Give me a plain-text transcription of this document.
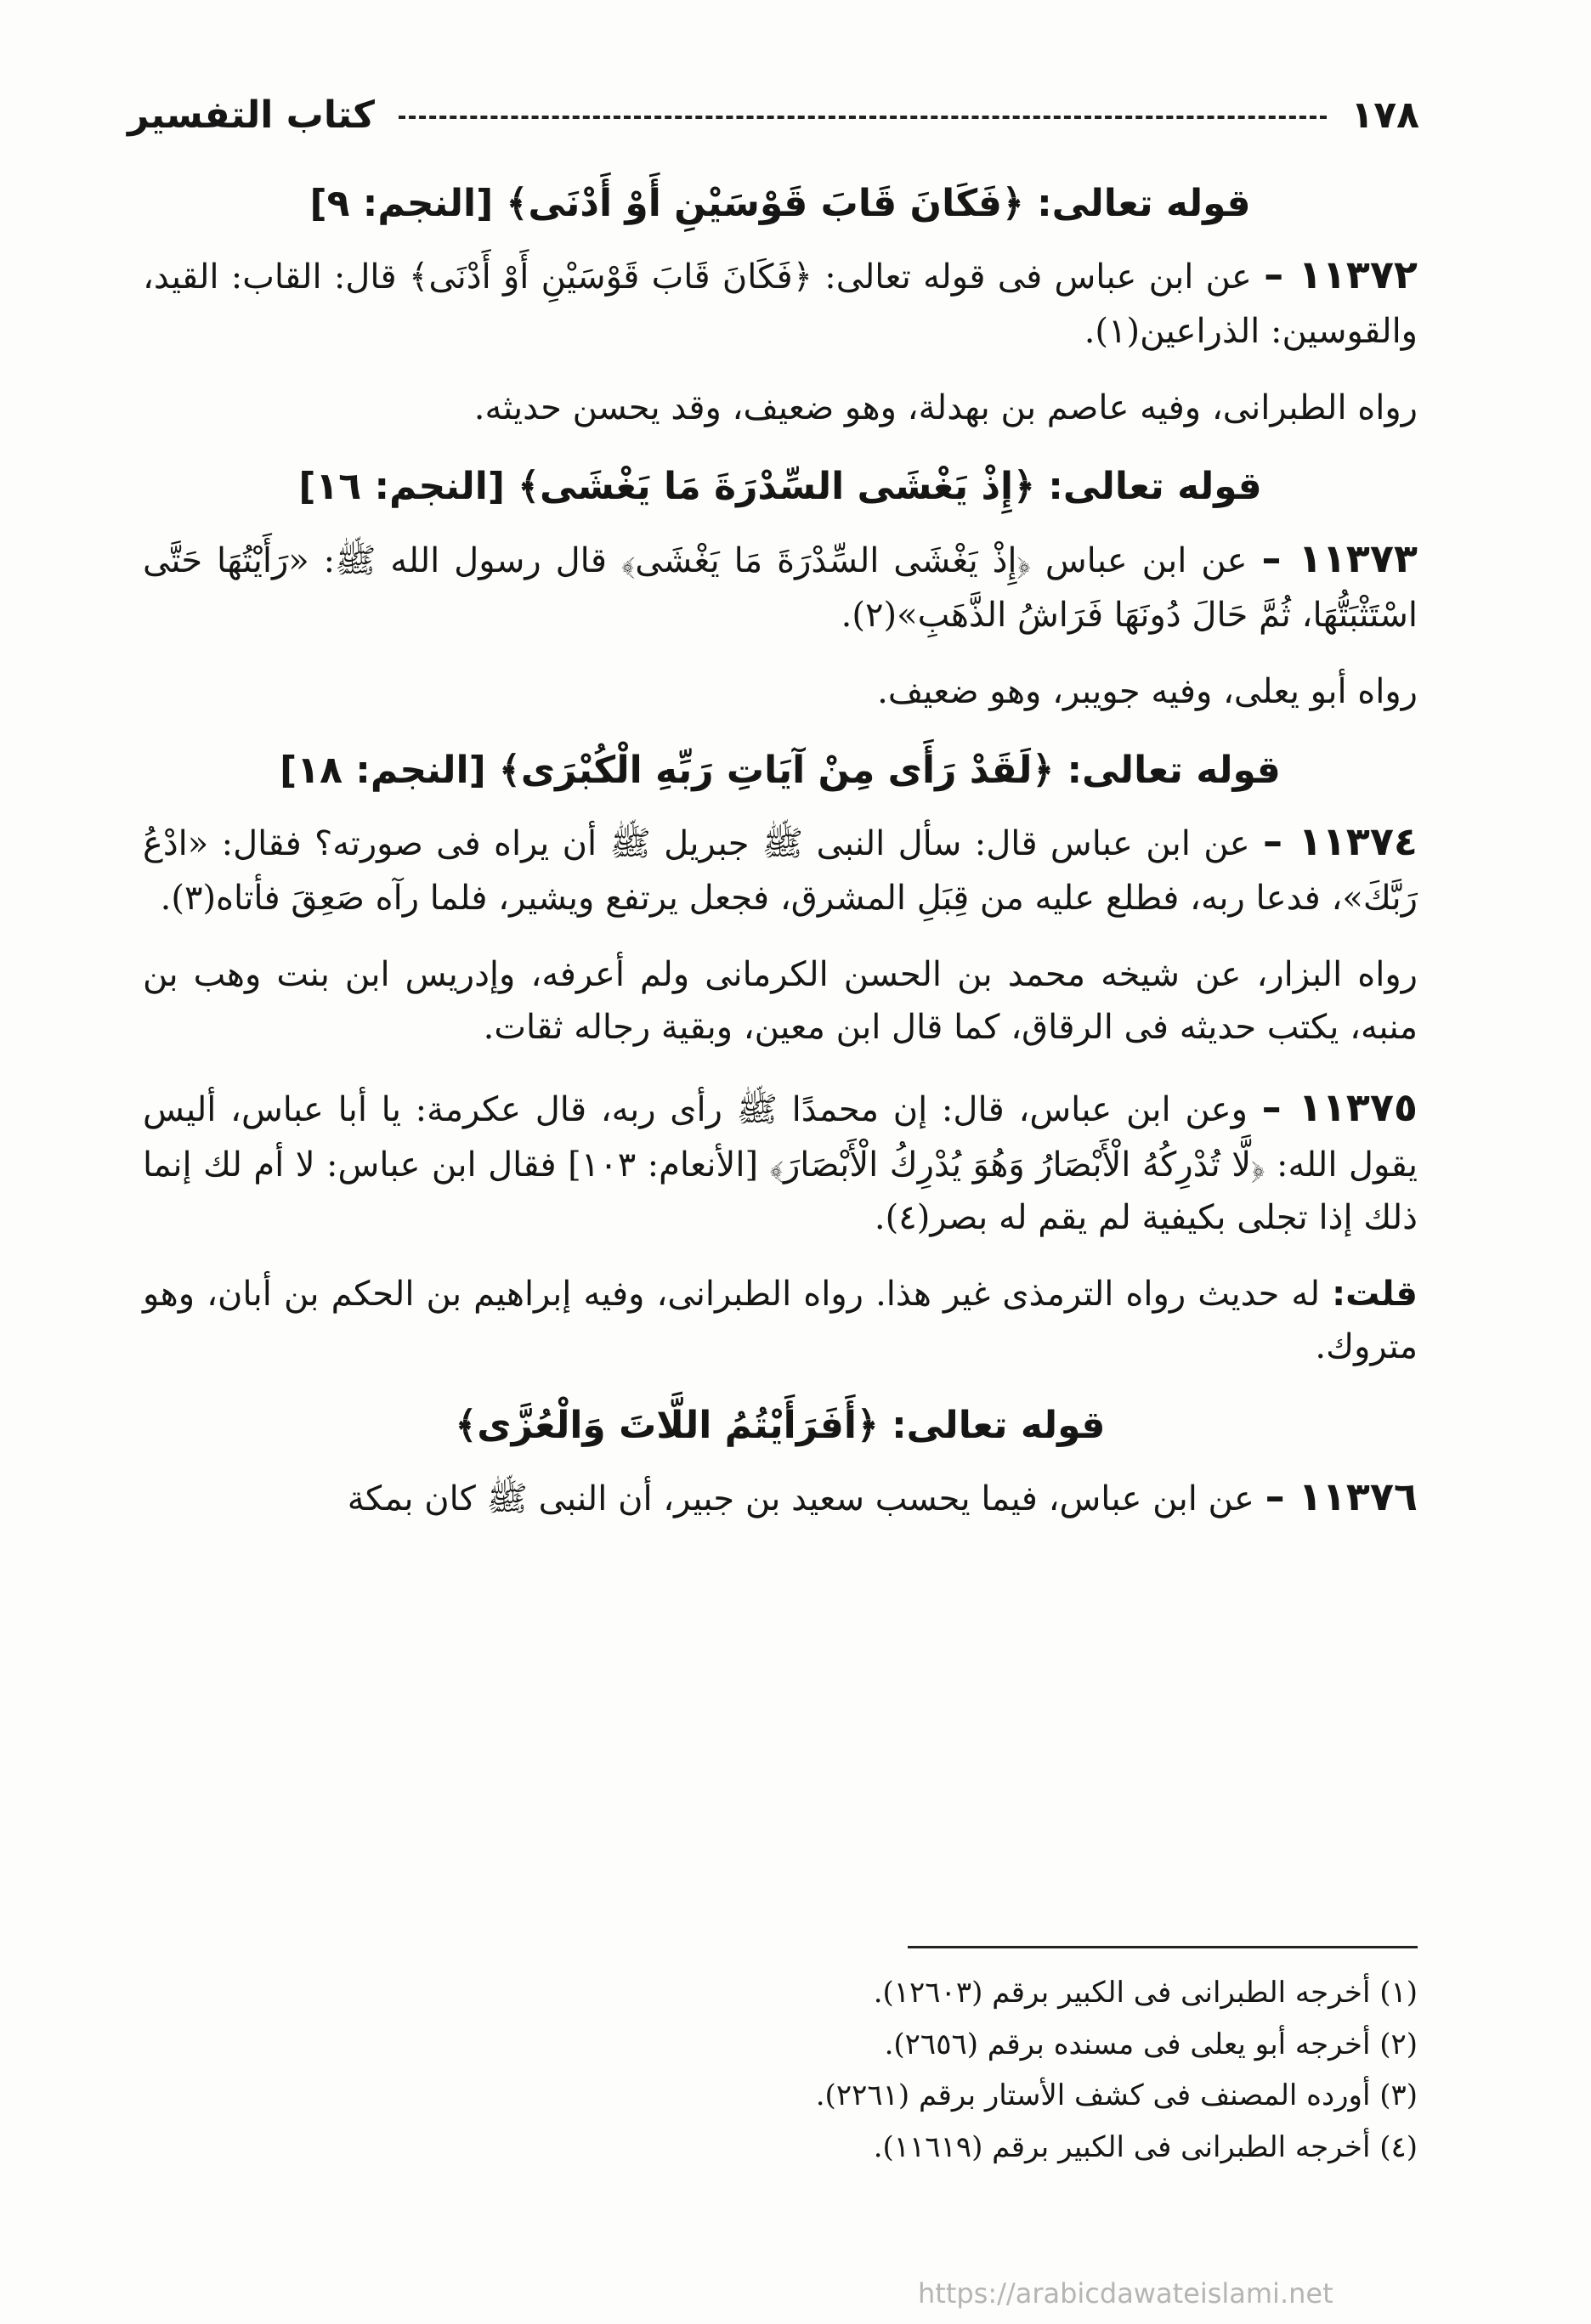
١٧٨
كتاب التفسير
قوله تعالى: ﴿فَكَانَ قَابَ قَوْسَيْنِ أَوْ أَدْنَى﴾ [النجم: ٩]

١١٣٧٢ – عن ابن عباس فى قوله تعالى: ﴿فَكَانَ قَابَ قَوْسَيْنِ أَوْ أَدْنَى﴾ قال: القاب: القيد، والقوسين: الذراعين(١).

رواه الطبرانى، وفيه عاصم بن بهدلة، وهو ضعيف، وقد يحسن حديثه.

قوله تعالى: ﴿إِذْ يَغْشَى السِّدْرَةَ مَا يَغْشَى﴾ [النجم: ١٦]

١١٣٧٣ – عن ابن عباس ﴿إِذْ يَغْشَى السِّدْرَةَ مَا يَغْشَى﴾ قال رسول الله ﷺ: «رَأَيْتُهَا حَتَّى اسْتَثْبَتُّهَا، ثُمَّ حَالَ دُونَهَا فَرَاشُ الذَّهَبِ»(٢).

رواه أبو يعلى، وفيه جويبر، وهو ضعيف.

قوله تعالى: ﴿لَقَدْ رَأَى مِنْ آيَاتِ رَبِّهِ الْكُبْرَى﴾ [النجم: ١٨]

١١٣٧٤ – عن ابن عباس قال: سأل النبى ﷺ جبريل ﷺ أن يراه فى صورته؟ فقال: «ادْعُ رَبَّكَ»، فدعا ربه، فطلع عليه من قِبَلِ المشرق، فجعل يرتفع ويشير، فلما رآه صَعِقَ فأتاه(٣).

رواه البزار، عن شيخه محمد بن الحسن الكرمانى ولم أعرفه، وإدريس ابن بنت وهب بن منبه، يكتب حديثه فى الرقاق، كما قال ابن معين، وبقية رجاله ثقات.

١١٣٧٥ – وعن ابن عباس، قال: إن محمدًا ﷺ رأى ربه، قال عكرمة: يا أبا عباس، أليس يقول الله: ﴿لَّا تُدْرِكُهُ الْأَبْصَارُ وَهُوَ يُدْرِكُ الْأَبْصَارَ﴾ [الأنعام: ١٠٣] فقال ابن عباس: لا أم لك إنما ذلك إذا تجلى بكيفية لم يقم له بصر(٤).

قلت: له حديث رواه الترمذى غير هذا. رواه الطبرانى، وفيه إبراهيم بن الحكم بن أبان، وهو متروك.

قوله تعالى: ﴿أَفَرَأَيْتُمُ اللَّاتَ وَالْعُزَّى﴾

١١٣٧٦ – عن ابن عباس، فيما يحسب سعيد بن جبير، أن النبى ﷺ كان بمكة

(١) أخرجه الطبرانى فى الكبير برقم (١٢٦٠٣).
(٢) أخرجه أبو يعلى فى مسنده برقم (٢٦٥٦).
(٣) أورده المصنف فى كشف الأستار برقم (٢٢٦١).
(٤) أخرجه الطبرانى فى الكبير برقم (١١٦١٩).
https://arabicdawateislami.net
